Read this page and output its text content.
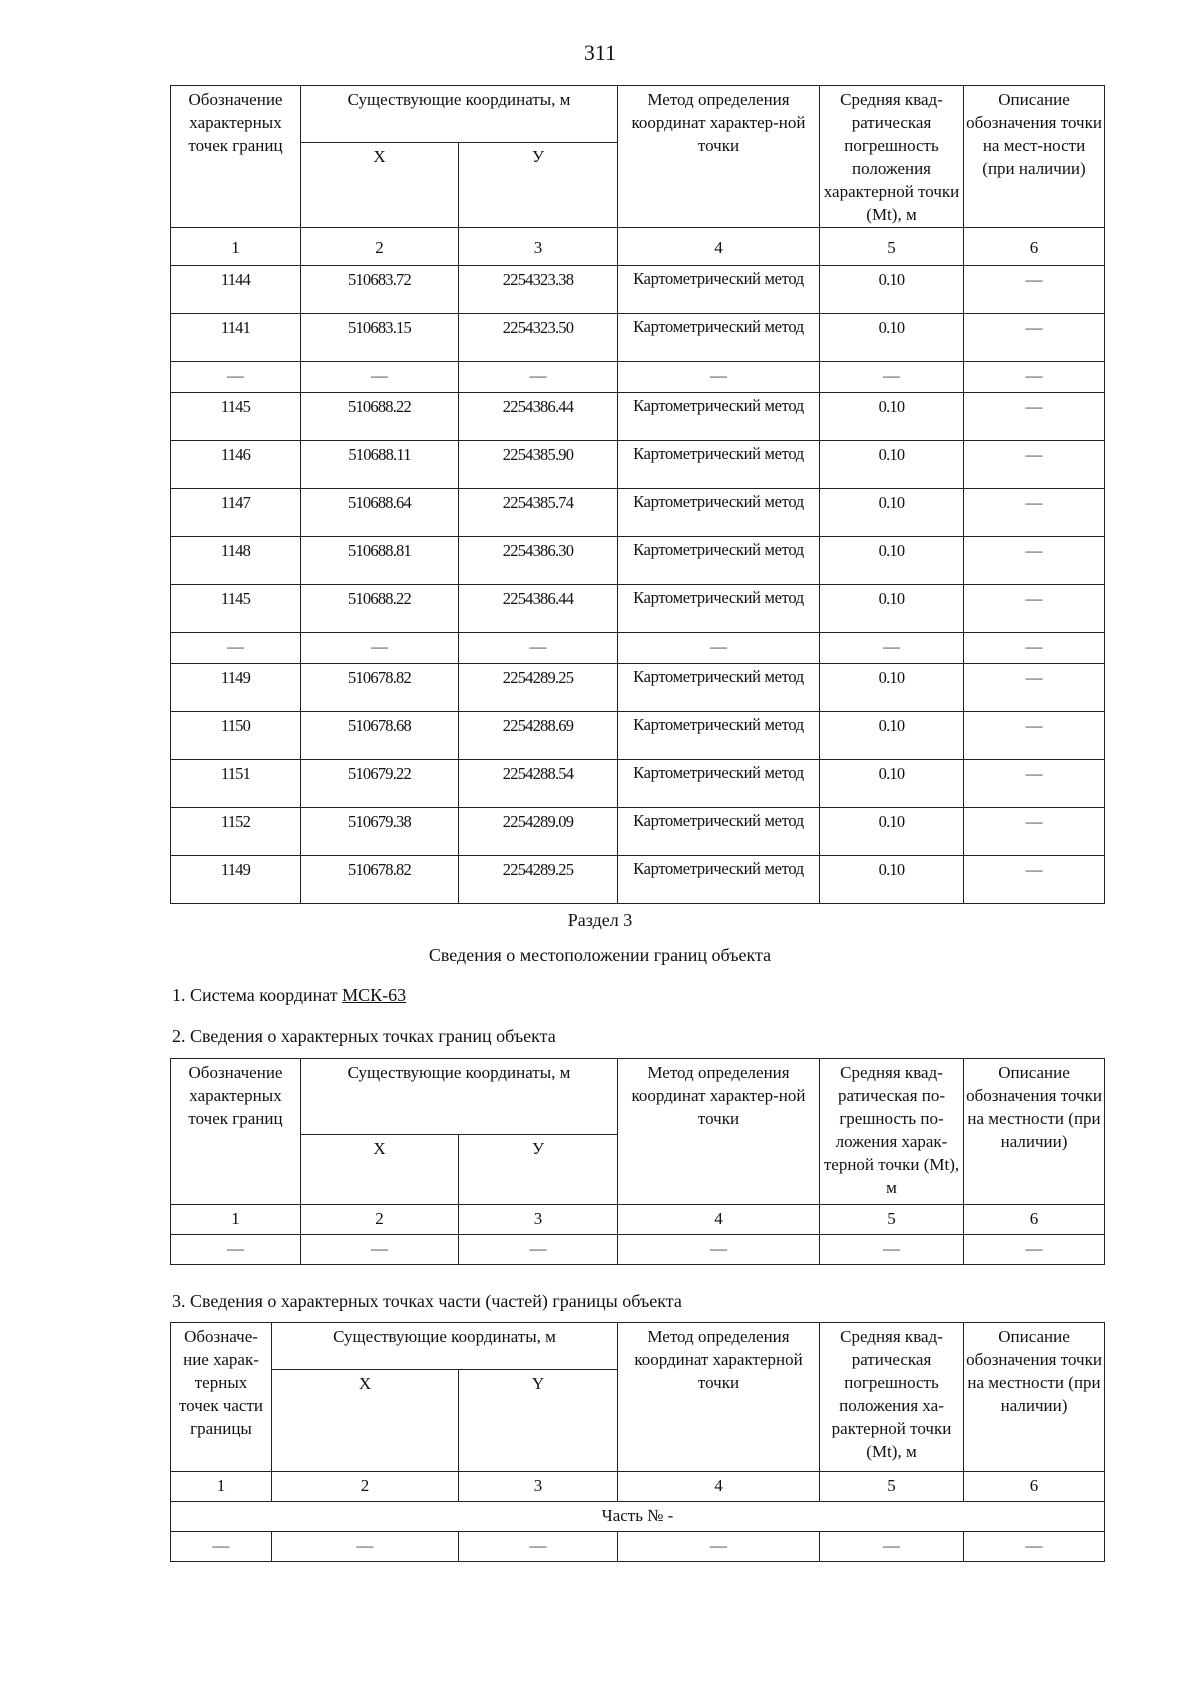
311
Обозначение характерных точек границ	Существующие координаты, м		Метод определения координат характер-ной точки	Средняя квад-ратическая погрешность положения характерной точки (Mt), м	Описание обозначения точки на мест-ности (при наличии)
	X	У			
1	2	3	4	5	6
1144	510683.72	2254323.38	Картометрический метод	0.10	—
1141	510683.15	2254323.50	Картометрический метод	0.10	—
—	—	—	—	—	—
1145	510688.22	2254386.44	Картометрический метод	0.10	—
1146	510688.11	2254385.90	Картометрический метод	0.10	—
1147	510688.64	2254385.74	Картометрический метод	0.10	—
1148	510688.81	2254386.30	Картометрический метод	0.10	—
1145	510688.22	2254386.44	Картометрический метод	0.10	—
—	—	—	—	—	—
1149	510678.82	2254289.25	Картометрический метод	0.10	—
1150	510678.68	2254288.69	Картометрический метод	0.10	—
1151	510679.22	2254288.54	Картометрический метод	0.10	—
1152	510679.38	2254289.09	Картометрический метод	0.10	—
1149	510678.82	2254289.25	Картометрический метод	0.10	—
Раздел 3
Сведения о местоположении границ объекта
1. Система координат МСК-63
2. Сведения о характерных точках границ объекта
Обозначение характерных точек границ	Существующие координаты, м		Метод определения координат характер-ной точки	Средняя квад-ратическая по-грешность по-ложения харак-терной точки (Mt), м	Описание обозначения точки на местности (при наличии)
	X	У			
1	2	3	4	5	6
—	—	—	—	—	—
3. Сведения о характерных точках части (частей) границы объекта
Обозначе-ние харак-терных точек части границы	Существующие координаты, м		Метод определения координат характерной точки	Средняя квад-ратическая погрешность положения ха-рактерной точки (Mt), м	Описание обозначения точки на местности (при наличии)
	X	Y			
1	2	3	4	5	6
Часть № -					
—	—	—	—	—	—
